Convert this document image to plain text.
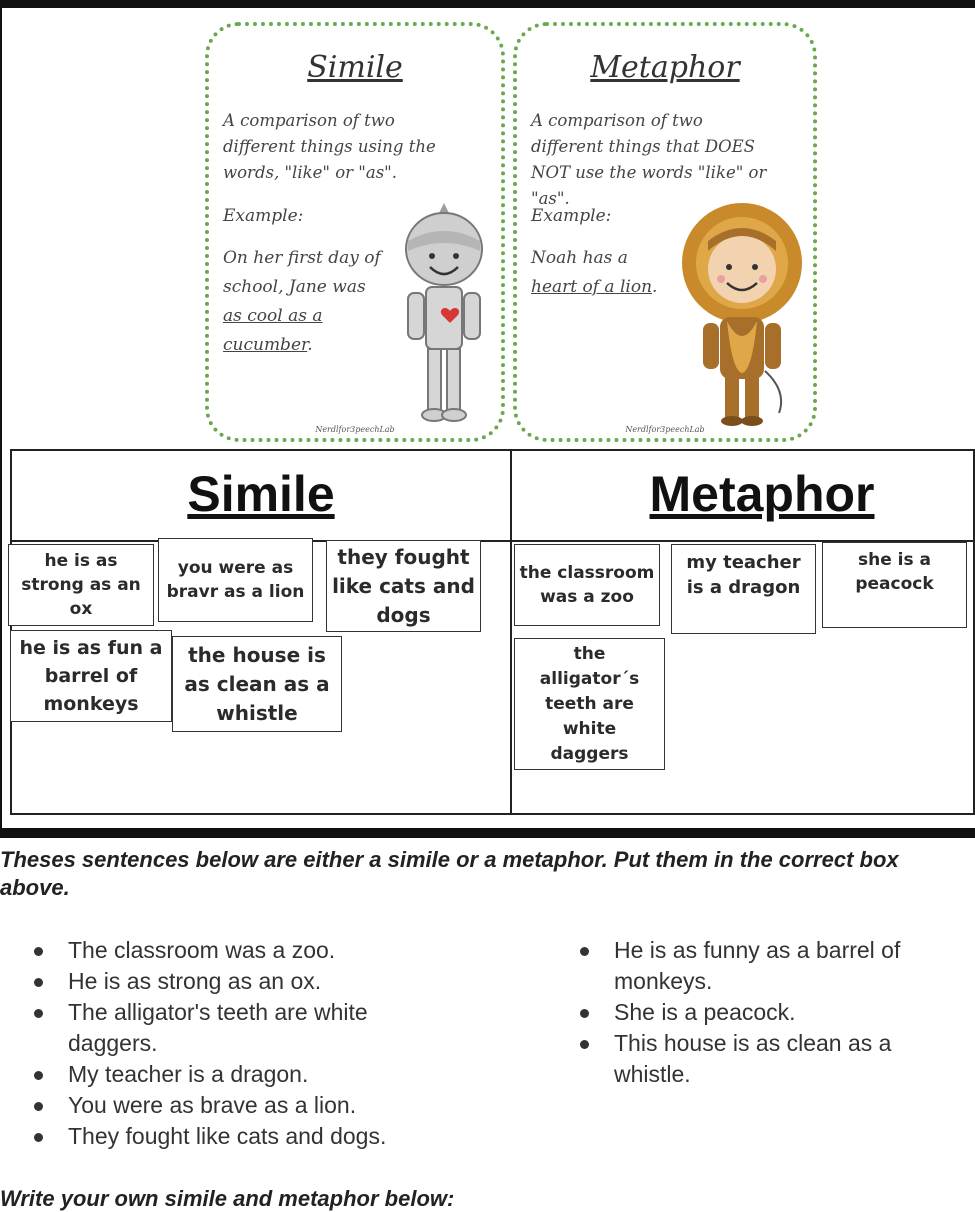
Simile
A comparison of two different things using the words, "like" or "as".
Example:
On her first day of school, Jane was as cool as a cucumber.
Nerdlfor3peechLab
Metaphor
A comparison of two different things that DOES NOT use the words "like" or "as".
Example:
Noah has a heart of a lion.
Nerdlfor3peechLab
Simile	Metaphor
he is as strong as an ox
you were as bravr as a lion
they fought like cats and dogs
he is as fun a barrel of monkeys
the house is as clean as a whistle
the classroom was a zoo
my teacher is a dragon
she is a peacock
the alligator´s teeth are white daggers
Theses sentences below are either a simile or a metaphor. Put them in the correct box above.
The classroom was a zoo.
He is as strong as an ox.
The alligator's teeth are white daggers.
My teacher is a dragon.
You were as brave as a lion.
They fought like cats and dogs.
He is as funny as a barrel of monkeys.
She is a peacock.
This house is as clean as a whistle.
Write your own simile and metaphor below:
